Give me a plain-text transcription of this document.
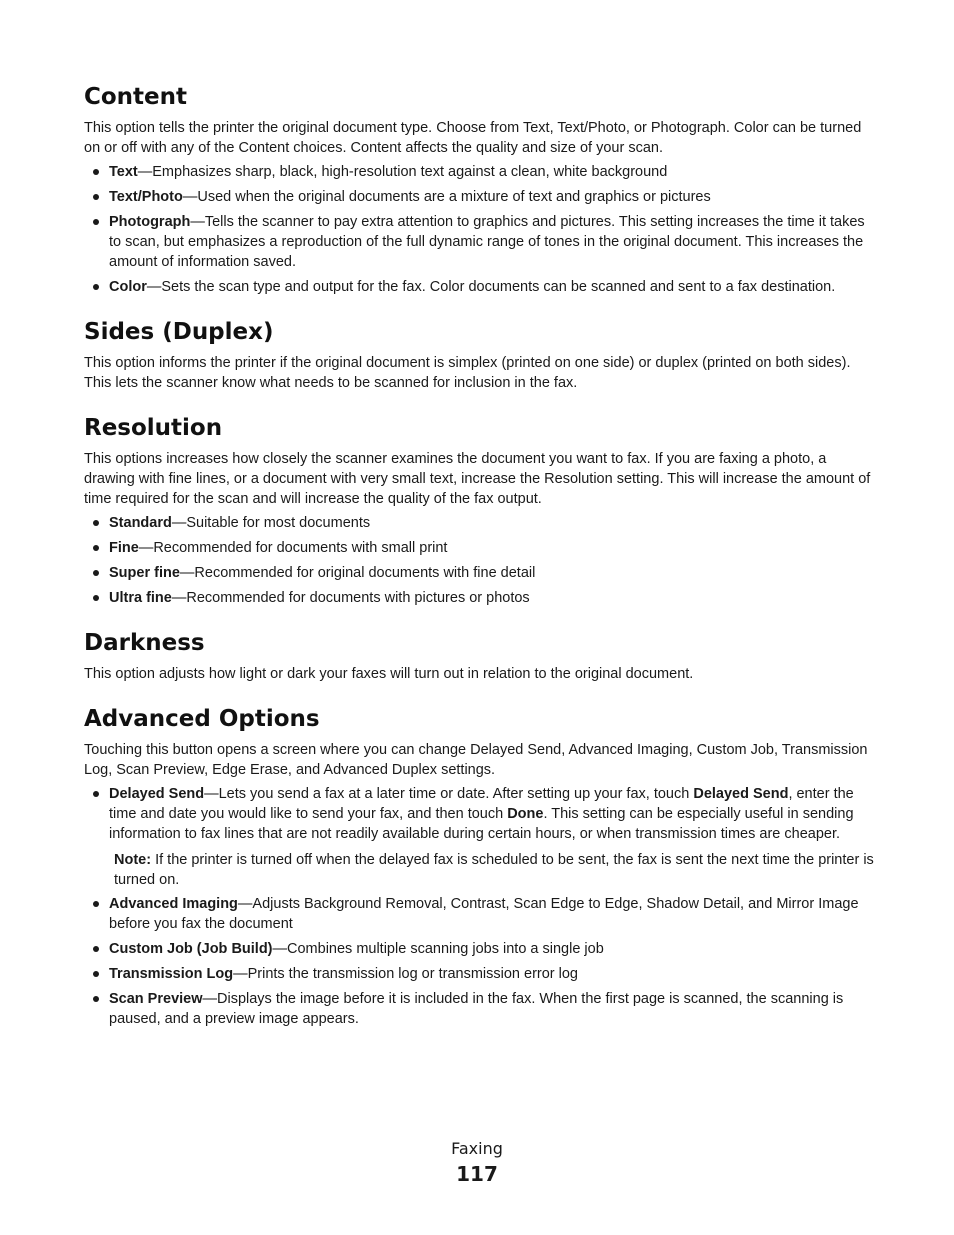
Content

This option tells the printer the original document type. Choose from Text, Text/Photo, or Photograph. Color can be turned on or off with any of the Content choices. Content affects the quality and size of your scan.

Text—Emphasizes sharp, black, high-resolution text against a clean, white background
Text/Photo—Used when the original documents are a mixture of text and graphics or pictures
Photograph—Tells the scanner to pay extra attention to graphics and pictures. This setting increases the time it takes to scan, but emphasizes a reproduction of the full dynamic range of tones in the original document. This increases the amount of information saved.
Color—Sets the scan type and output for the fax. Color documents can be scanned and sent to a fax destination.
Sides (Duplex)

This option informs the printer if the original document is simplex (printed on one side) or duplex (printed on both sides). This lets the scanner know what needs to be scanned for inclusion in the fax.

Resolution

This options increases how closely the scanner examines the document you want to fax. If you are faxing a photo, a drawing with fine lines, or a document with very small text, increase the Resolution setting. This will increase the amount of time required for the scan and will increase the quality of the fax output.

Standard—Suitable for most documents
Fine—Recommended for documents with small print
Super fine—Recommended for original documents with fine detail
Ultra fine—Recommended for documents with pictures or photos
Darkness

This option adjusts how light or dark your faxes will turn out in relation to the original document.

Advanced Options

Touching this button opens a screen where you can change Delayed Send, Advanced Imaging, Custom Job, Transmission Log, Scan Preview, Edge Erase, and Advanced Duplex settings.

Delayed Send—Lets you send a fax at a later time or date. After setting up your fax, touch Delayed Send, enter the time and date you would like to send your fax, and then touch Done. This setting can be especially useful in sending information to fax lines that are not readily available during certain hours, or when transmission times are cheaper.
Note: If the printer is turned off when the delayed fax is scheduled to be sent, the fax is sent the next time the printer is turned on.
Advanced Imaging—Adjusts Background Removal, Contrast, Scan Edge to Edge, Shadow Detail, and Mirror Image before you fax the document
Custom Job (Job Build)—Combines multiple scanning jobs into a single job
Transmission Log—Prints the transmission log or transmission error log
Scan Preview—Displays the image before it is included in the fax. When the first page is scanned, the scanning is paused, and a preview image appears.
Faxing
117
